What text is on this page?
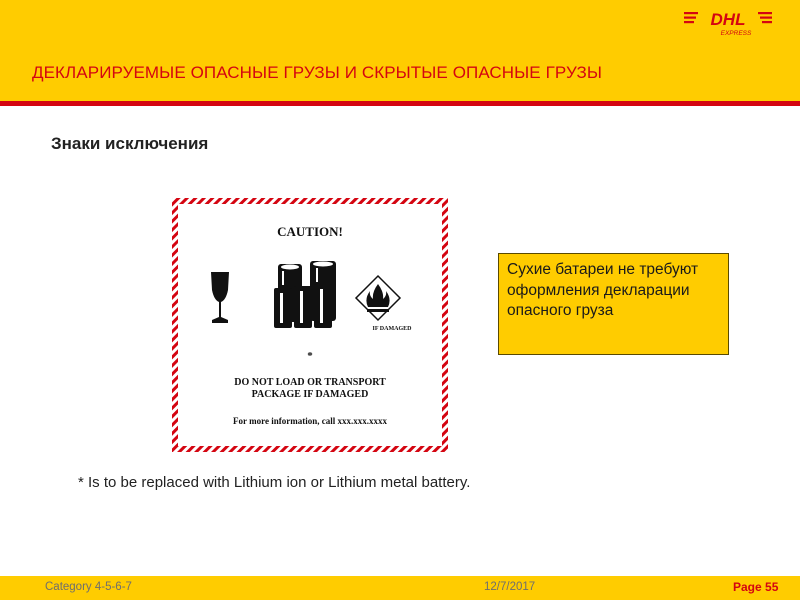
DHL
EXPRESS
ДЕКЛАРИРУЕМЫЕ ОПАСНЫЕ ГРУЗЫ И СКРЫТЫЕ ОПАСНЫЕ ГРУЗЫ
Знаки исключения
CAUTION!
IF DAMAGED
*
DO NOT LOAD OR TRANSPORT
PACKAGE IF DAMAGED
For more information, call xxx.xxx.xxxx
* Is to be replaced with Lithium ion or Lithium metal battery.
Сухие батареи не требуют оформления декларации опасного груза
Category 4-5-6-7	12/7/2017	Page 55
